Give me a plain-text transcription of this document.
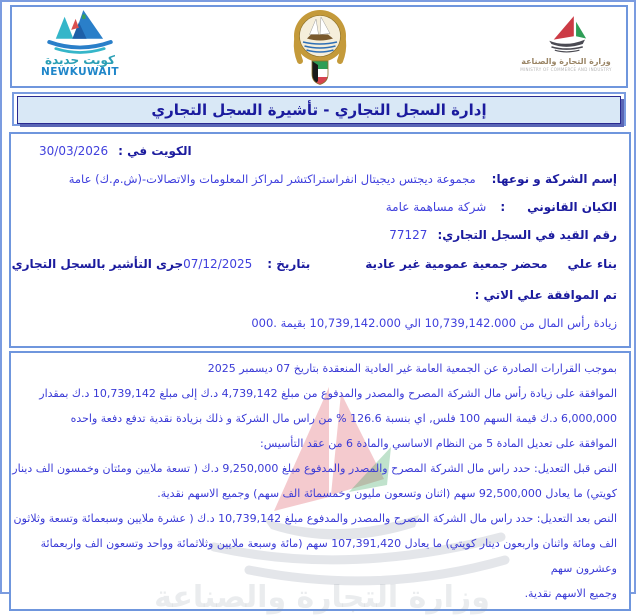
كويت جديدة
NEWKUWAIT
وزارة التجارة والصناعة
MINISTRY OF COMMERCE AND INDUSTRY
إدارة السجل التجاري - تأشيرة السجل التجاري
الكويت في :
30/03/2026
إسم الشركة و نوعها:
مجموعة ديجتس ديجيتال انفراستراكتشر لمراكز المعلومات والاتصالات-(ش.م.ك) عامة
الكيان القانوني
:
شركة مساهمة عامة
رقم القيد في السجل التجاري:
77127
بناء علي
محضر جمعية عمومية غير عادية
بتاريخ :
07/12/2025
جرى التأشير بالسجل التجاري
تم الموافقة علي الاتي :
زيادة رأس المال من 10,739,142.000 الي 10,739,142.000 بقيمة .000

بموجب القرارات الصادرة عن الجمعية العامة غير العادية المنعقدة بتاريخ 07 ديسمبر 2025

الموافقة على زيادة رأس مال الشركة المصرح والمصدر والمدفوع من مبلغ 4,739,142 د.ك إلى مبلغ 10,739,142 د.ك بمقدار

6,000,000 د.ك قيمة السهم 100 فلس, اي بنسبة 126.6 % من راس مال الشركة و ذلك بزيادة نقدية تدفع دفعة واحده

الموافقة على تعديل المادة 5 من النظام الاساسي والمادة 6 من عقد التأسيس:

النص قبل التعديل: حدد راس مال الشركة المصرح والمصدر والمدفوع مبلغ 9,250,000 د.ك ( تسعة ملايين ومئتان وخمسون الف دينار

كويتي) ما يعادل 92,500,000 سهم (اثنان وتسعون مليون وخمسمائة الف سهم) وجميع الاسهم نقدية.

النص بعد التعديل: حدد راس مال الشركة المصرح والمصدر والمدفوع مبلغ 10,739,142 د.ك ( عشرة ملايين وسبعمائة وتسعة وثلاثون

الف ومائة واثنان واربعون دينار كويتي) ما يعادل 107,391,420 سهم (مائة وسبعة ملايين وثلاثمائة وواحد وتسعون الف واربعمائة

وعشرون سهم

وجميع الاسهم نقدية.
